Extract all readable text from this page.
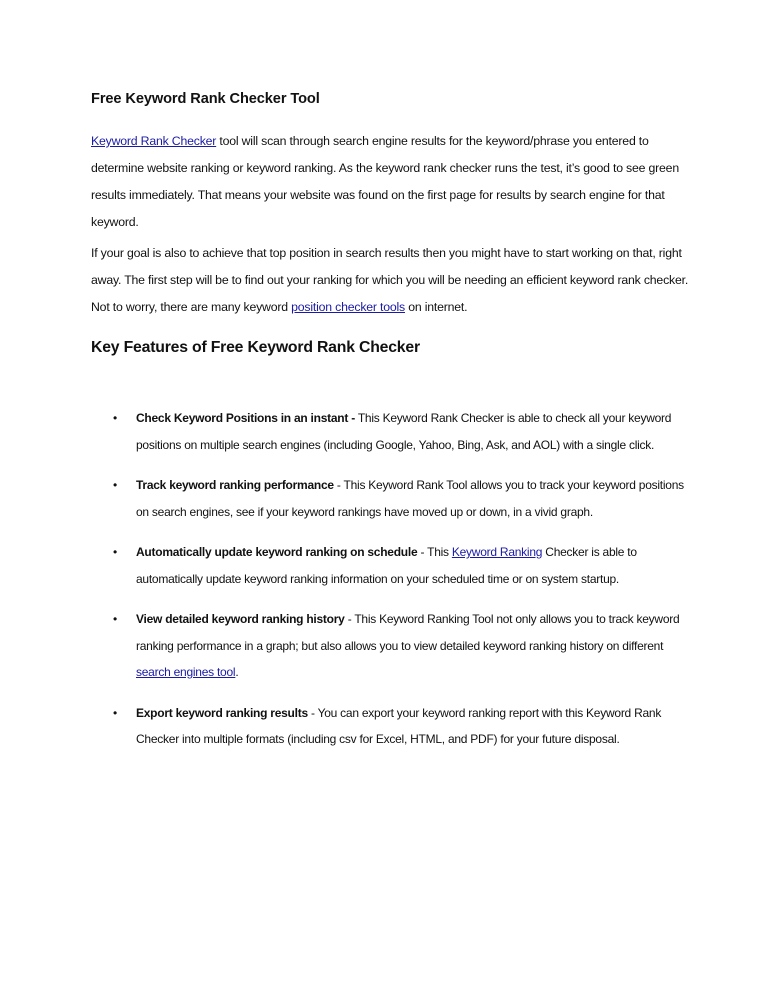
Free Keyword Rank Checker Tool

Keyword Rank Checker tool will scan through search engine results for the keyword/phrase you entered to determine website ranking or keyword ranking. As the keyword rank checker runs the test, it’s good to see green results immediately. That means your website was found on the first page for results by search engine for that keyword.

If your goal is also to achieve that top position in search results then you might have to start working on that, right away. The first step will be to find out your ranking for which you will be needing an efficient keyword rank checker. Not to worry, there are many keyword position checker tools on internet.

Key Features of Free Keyword Rank Checker
• Check Keyword Positions in an instant - This Keyword Rank Checker is able to check all your keyword positions on multiple search engines (including Google, Yahoo, Bing, Ask, and AOL) with a single click.
• Track keyword ranking performance - This Keyword Rank Tool allows you to track your keyword positions on search engines, see if your keyword rankings have moved up or down, in a vivid graph.
• Automatically update keyword ranking on schedule - This Keyword Ranking Checker is able to automatically update keyword ranking information on your scheduled time or on system startup.
• View detailed keyword ranking history - This Keyword Ranking Tool not only allows you to track keyword ranking performance in a graph; but also allows you to view detailed keyword ranking history on different search engines tool.
• Export keyword ranking results - You can export your keyword ranking report with this Keyword Rank Checker into multiple formats (including csv for Excel, HTML, and PDF) for your future disposal.
